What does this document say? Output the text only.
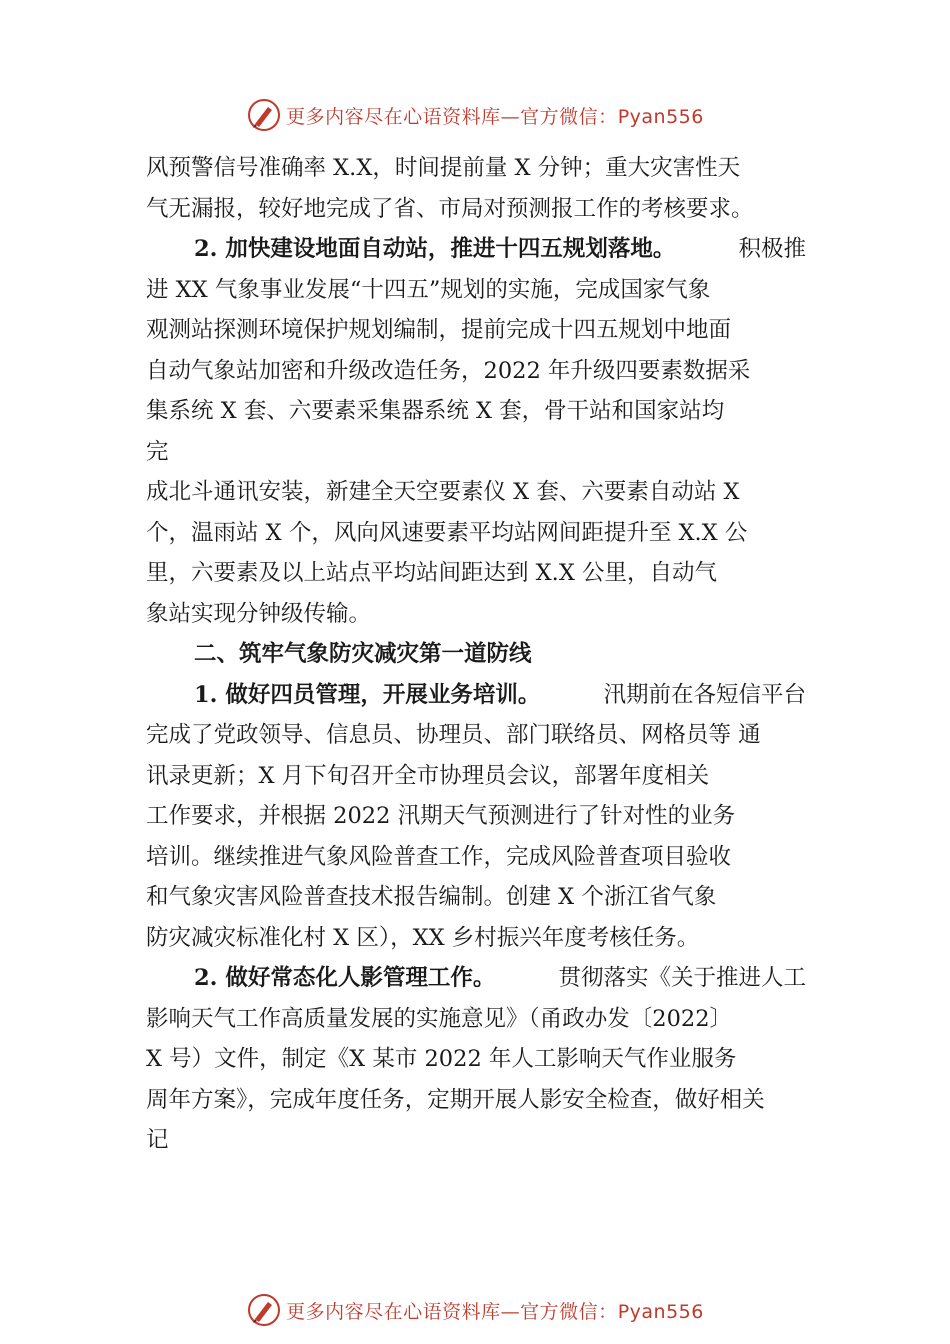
更多内容尽在心语资料库—官方微信：Pyan556
风预警信号准确率 X.X，时间提前量 X 分钟；重大灾害性天
气无漏报，较好地完成了省、市局对预测报工作的考核要求。
2. 加快建设地面自动站，推进十四五规划落地。	积极推
进 XX 气象事业发展“十四五”规划的实施，完成国家气象
观测站探测环境保护规划编制，提前完成十四五规划中地面
自动气象站加密和升级改造任务，2022 年升级四要素数据采
集系统 X 套、六要素采集器系统 X 套，骨干站和国家站均
完
成北斗通讯安装，新建全天空要素仪 X 套、六要素自动站 X
个，温雨站 X 个，风向风速要素平均站网间距提升至 X.X 公
里，六要素及以上站点平均站间距达到 X.X 公里，自动气
象站实现分钟级传输。
二、筑牢气象防灾减灾第一道防线
1. 做好四员管理，开展业务培训。	汛期前在各短信平台
完成了党政领导、信息员、协理员、部门联络员、网格员等 通
讯录更新；X 月下旬召开全市协理员会议，部署年度相关
工作要求，并根据 2022 汛期天气预测进行了针对性的业务
培训。继续推进气象风险普查工作，完成风险普查项目验收
和气象灾害风险普查技术报告编制。创建 X 个浙江省气象
防灾减灾标准化村 X 区），XX 乡村振兴年度考核任务。
2. 做好常态化人影管理工作。	贯彻落实《关于推进人工
影响天气工作高质量发展的实施意见》（甬政办发〔2022〕
X 号）文件，制定《X 某市 2022 年人工影响天气作业服务
周年方案》，完成年度任务，定期开展人影安全检查，做好相关
记
更多内容尽在心语资料库—官方微信：Pyan556
